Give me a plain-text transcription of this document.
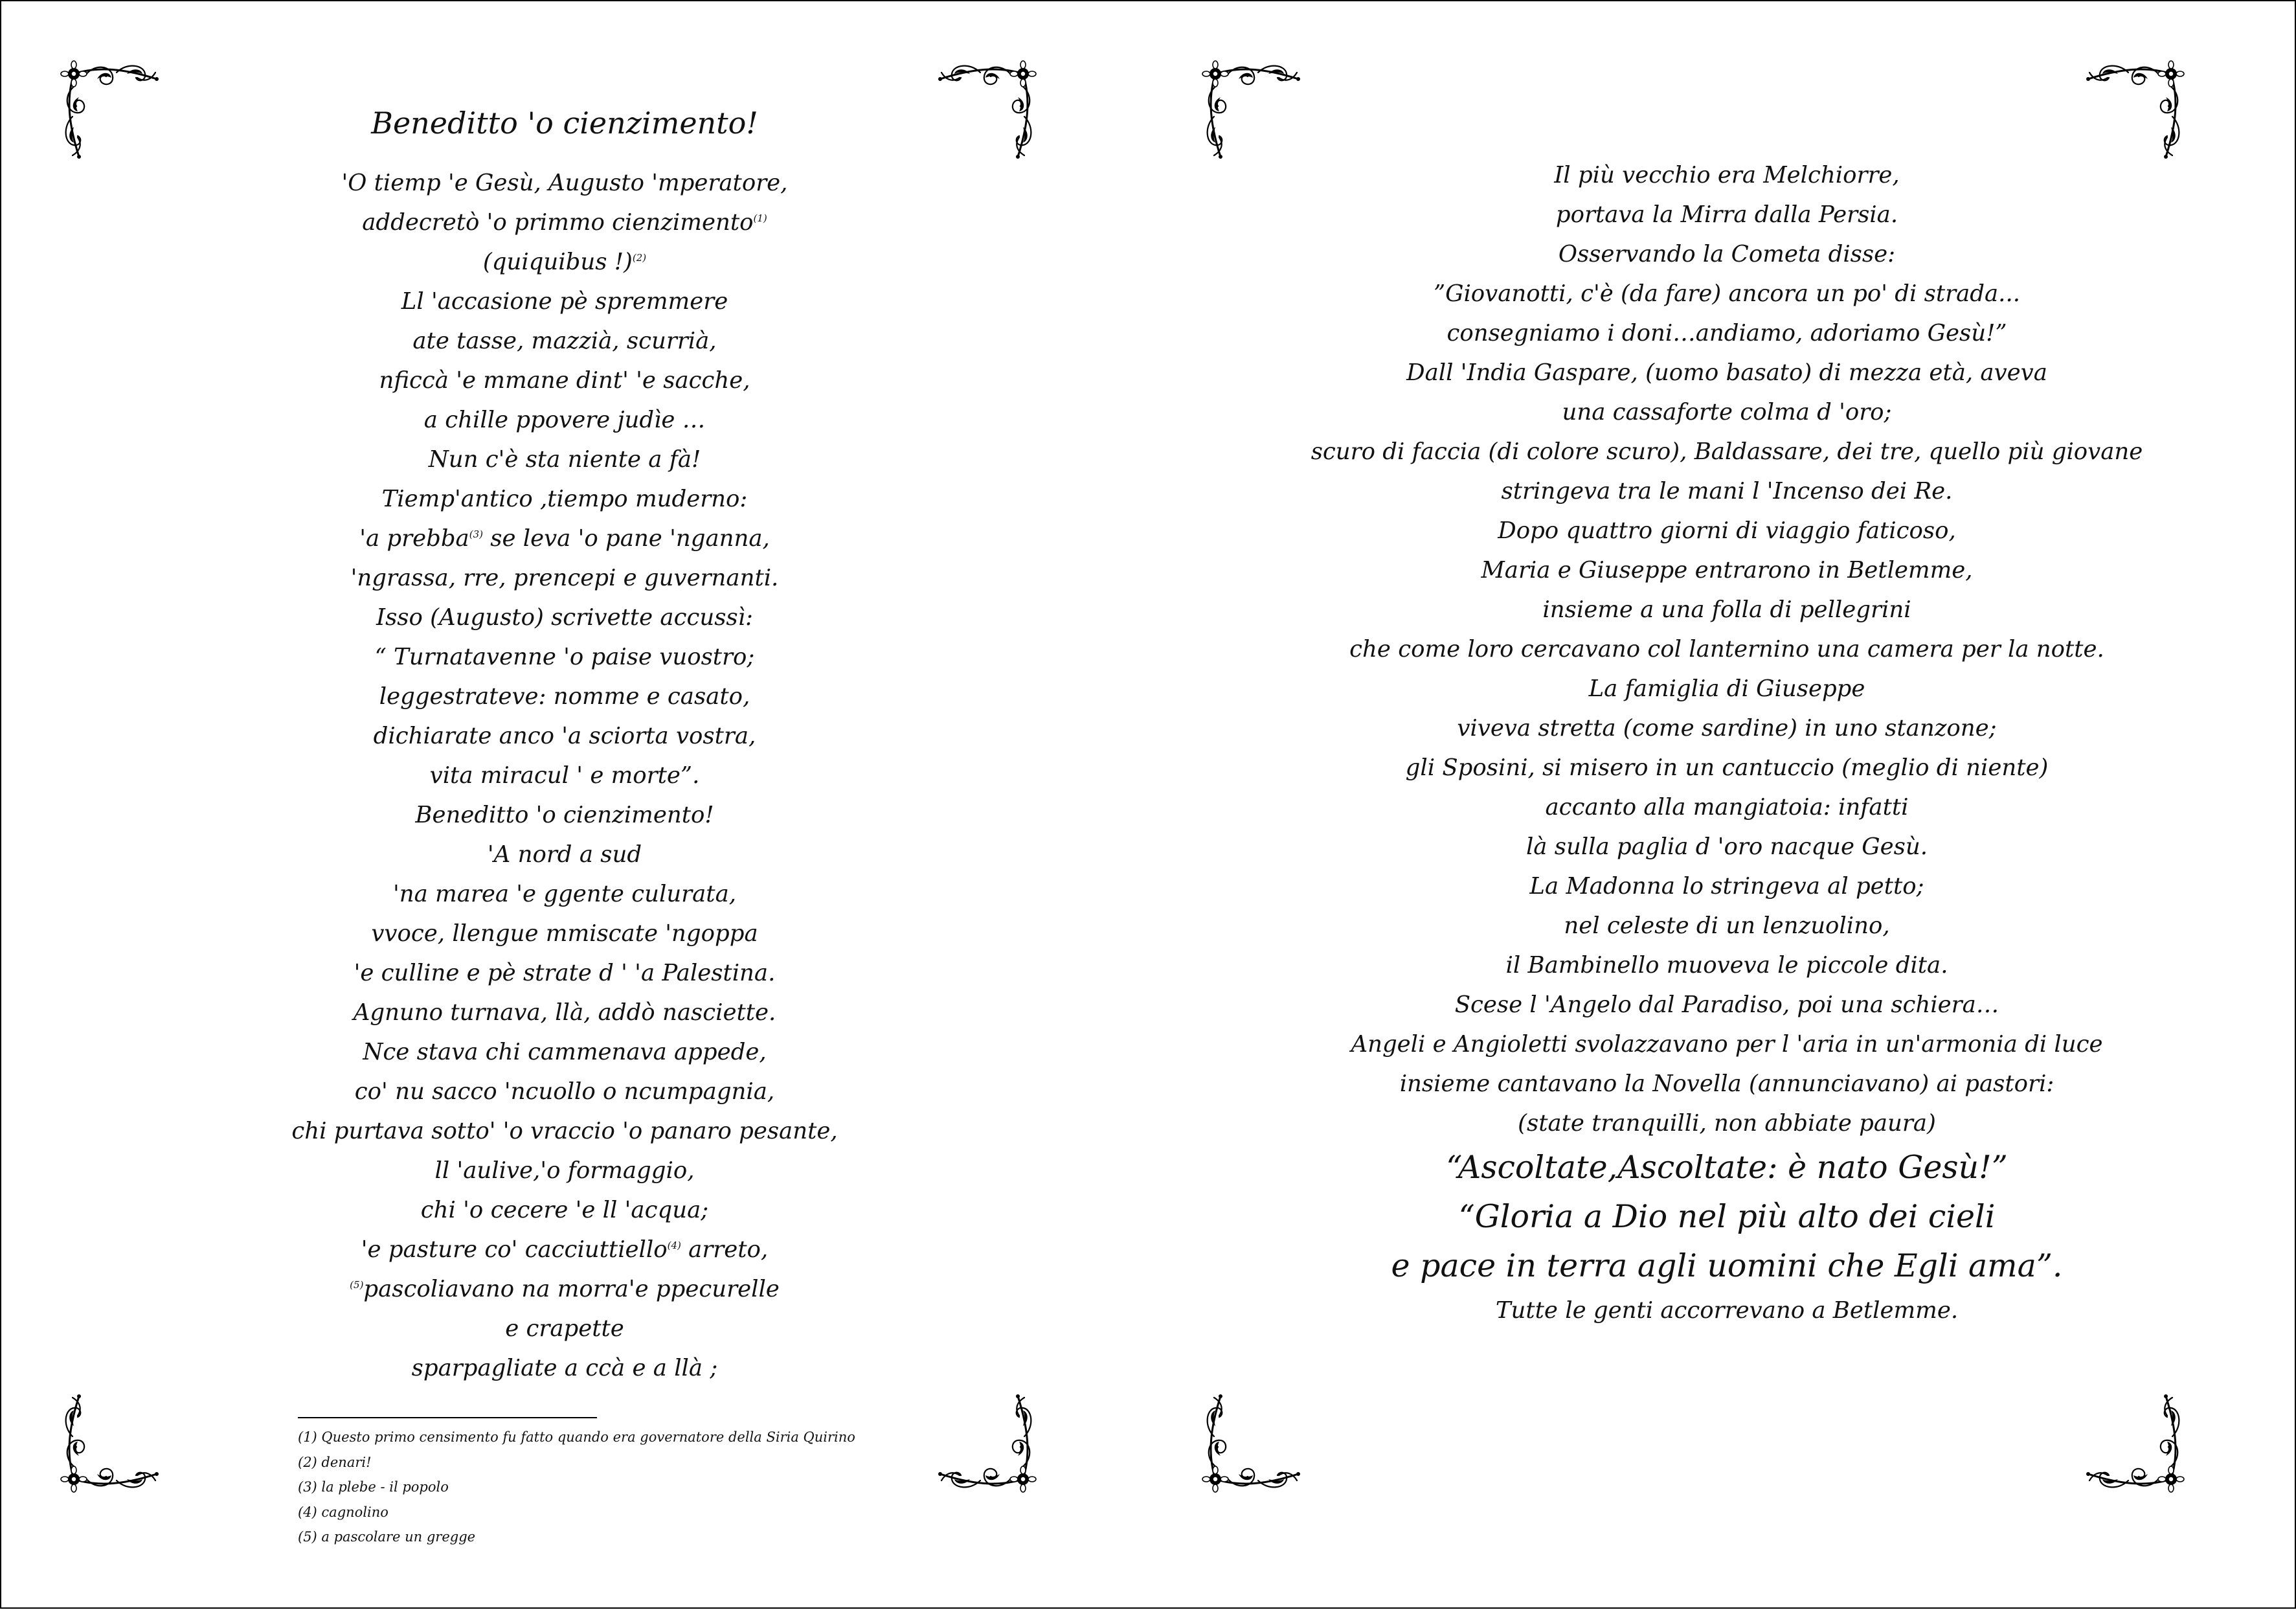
Beneditto 'o cienzimento!
'O tiemp 'e Gesù, Augusto 'mperatore,
addecretò 'o primmo cienzimento$^{(1)}$
(quiquibus !)$^{(2)}$
Ll 'accasione pè spremmere
ate tasse, mazzià, scurrià,
nficcà 'e mmane dint' 'e sacche,
a chille ppovere judìe …
Nun c'è sta niente a fà!
Tiemp'antico ,tiempo muderno:
'a prebba$^{(3)}$ se leva 'o pane 'nganna,
'ngrassa, rre, prencepi e guvernanti.
Isso (Augusto) scrivette accussì:
“ Turnatavenne 'o paise vuostro;
leggestrateve: nomme e casato,
dichiarate anco 'a sciorta vostra,
vita miracul ' e morte”.
Beneditto 'o cienzimento!
'A nord a sud
'na marea 'e ggente culurata,
vvoce, llengue mmiscate 'ngoppa
'e culline e pè strate d ' 'a Palestina.
Agnuno turnava, llà, addò nasciette.
Nce stava chi cammenava appede,
co' nu sacco 'ncuollo o ncumpagnia,
chi purtava sotto' 'o vraccio 'o panaro pesante,
ll 'aulive,'o formaggio,
chi 'o cecere 'e ll 'acqua;
'e pasture co' cacciuttiello$^{(4)}$ arreto,
$^{(5)}$pascoliavano na morra'e ppecurelle
e crapette
sparpagliate a ccà e a llà ;
(1) Questo primo censimento fu fatto quando era governatore della Siria Quirino
(2) denari!
(3) la plebe - il popolo
(4) cagnolino
(5) a pascolare un gregge
Il più vecchio era Melchiorre,
portava la Mirra dalla Persia.
Osservando la Cometa disse:
”Giovanotti, c'è (da fare) ancora un po' di strada...
consegniamo i doni…andiamo, adoriamo Gesù!”
Dall 'India Gaspare, (uomo basato) di mezza età, aveva
una cassaforte colma d 'oro;
scuro di faccia (di colore scuro), Baldassare, dei tre, quello più giovane
stringeva tra le mani l 'Incenso dei Re.
Dopo quattro giorni di viaggio faticoso,
Maria e Giuseppe entrarono in Betlemme,
insieme a una folla di pellegrini
che come loro cercavano col lanternino una camera per la notte.
La famiglia di Giuseppe
viveva stretta (come sardine) in uno stanzone;
gli Sposini, si misero in un cantuccio (meglio di niente)
accanto alla mangiatoia: infatti
là sulla paglia d 'oro nacque Gesù.
La Madonna lo stringeva al petto;
nel celeste di un lenzuolino,
il Bambinello muoveva le piccole dita.
Scese l 'Angelo dal Paradiso, poi una schiera…
Angeli e Angioletti svolazzavano per l 'aria in un'armonia di luce
insieme cantavano la Novella (annunciavano) ai pastori:
(state tranquilli, non abbiate paura)
“Ascoltate,Ascoltate: è nato Gesù!”
“Gloria a Dio nel più alto dei cieli
e pace in terra agli uomini che Egli ama”.
Tutte le genti accorrevano a Betlemme.
